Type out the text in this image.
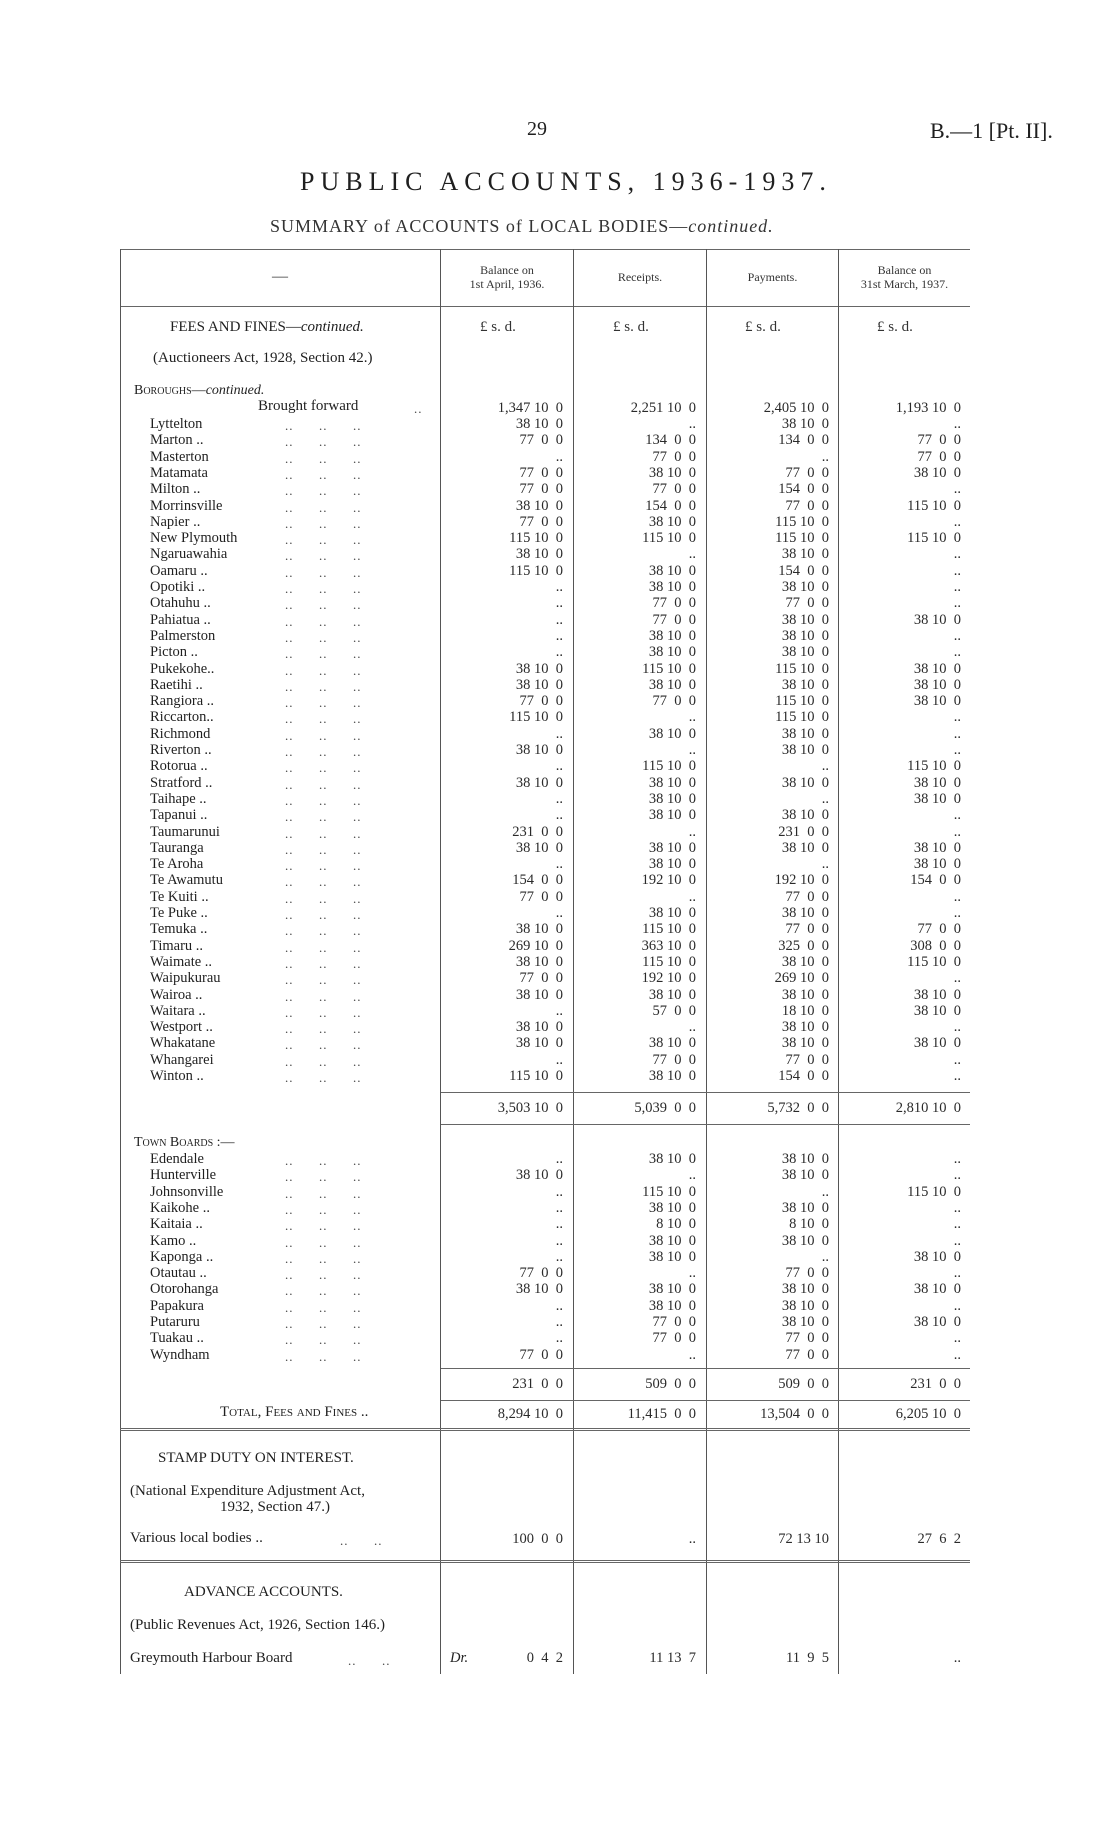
29	B.—1 [Pt. II].
PUBLIC ACCOUNTS, 1936-1937.
SUMMARY of ACCOUNTS of LOCAL BODIES—continued.
—	Balance on
1st April, 1936.	Receipts.	Payments.	Balance on
31st March, 1937.
£ s. d.	£ s. d.	£ s. d.	£ s. d.
FEES AND FINES—continued.
(Auctioneers Act, 1928, Section 42.)
Boroughs—continued.
Brought forward	..	1,347 10  0	2,251 10  0	2,405 10  0	1,193 10  0
Lyttelton	..      ..      ..	38 10  0	..	38 10  0	..
Marton ..	..      ..      ..	77  0  0	134  0  0	134  0  0	77  0  0
Masterton	..      ..      ..	..	77  0  0	..	77  0  0
Matamata	..      ..      ..	77  0  0	38 10  0	77  0  0	38 10  0
Milton ..	..      ..      ..	77  0  0	77  0  0	154  0  0	..
Morrinsville	..      ..      ..	38 10  0	154  0  0	77  0  0	115 10  0
Napier ..	..      ..      ..	77  0  0	38 10  0	115 10  0	..
New Plymouth	..      ..      ..	115 10  0	115 10  0	115 10  0	115 10  0
Ngaruawahia	..      ..      ..	38 10  0	..	38 10  0	..
Oamaru ..	..      ..      ..	115 10  0	38 10  0	154  0  0	..
Opotiki ..	..      ..      ..	..	38 10  0	38 10  0	..
Otahuhu ..	..      ..      ..	..	77  0  0	77  0  0	..
Pahiatua ..	..      ..      ..	..	77  0  0	38 10  0	38 10  0
Palmerston	..      ..      ..	..	38 10  0	38 10  0	..
Picton ..	..      ..      ..	..	38 10  0	38 10  0	..
Pukekohe..	..      ..      ..	38 10  0	115 10  0	115 10  0	38 10  0
Raetihi ..	..      ..      ..	38 10  0	38 10  0	38 10  0	38 10  0
Rangiora ..	..      ..      ..	77  0  0	77  0  0	115 10  0	38 10  0
Riccarton..	..      ..      ..	115 10  0	..	115 10  0	..
Richmond	..      ..      ..	..	38 10  0	38 10  0	..
Riverton ..	..      ..      ..	38 10  0	..	38 10  0	..
Rotorua ..	..      ..      ..	..	115 10  0	..	115 10  0
Stratford ..	..      ..      ..	38 10  0	38 10  0	38 10  0	38 10  0
Taihape ..	..      ..      ..	..	38 10  0	..	38 10  0
Tapanui ..	..      ..      ..	..	38 10  0	38 10  0	..
Taumarunui	..      ..      ..	231  0  0	..	231  0  0	..
Tauranga	..      ..      ..	38 10  0	38 10  0	38 10  0	38 10  0
Te Aroha	..      ..      ..	..	38 10  0	..	38 10  0
Te Awamutu	..      ..      ..	154  0  0	192 10  0	192 10  0	154  0  0
Te Kuiti ..	..      ..      ..	77  0  0	..	77  0  0	..
Te Puke ..	..      ..      ..	..	38 10  0	38 10  0	..
Temuka ..	..      ..      ..	38 10  0	115 10  0	77  0  0	77  0  0
Timaru ..	..      ..      ..	269 10  0	363 10  0	325  0  0	308  0  0
Waimate ..	..      ..      ..	38 10  0	115 10  0	38 10  0	115 10  0
Waipukurau	..      ..      ..	77  0  0	192 10  0	269 10  0	..
Wairoa ..	..      ..      ..	38 10  0	38 10  0	38 10  0	38 10  0
Waitara ..	..      ..      ..	..	57  0  0	18 10  0	38 10  0
Westport ..	..      ..      ..	38 10  0	..	38 10  0	..
Whakatane	..      ..      ..	38 10  0	38 10  0	38 10  0	38 10  0
Whangarei	..      ..      ..	..	77  0  0	77  0  0	..
Winton ..	..      ..      ..	115 10  0	38 10  0	154  0  0	..
3,503 10  0	5,039  0  0	5,732  0  0	2,810 10  0
Town Boards :—
Edendale	..      ..      ..	..	38 10  0	38 10  0	..
Hunterville	..      ..      ..	38 10  0	..	38 10  0	..
Johnsonville	..      ..      ..	..	115 10  0	..	115 10  0
Kaikohe ..	..      ..      ..	..	38 10  0	38 10  0	..
Kaitaia ..	..      ..      ..	..	8 10  0	8 10  0	..
Kamo ..	..      ..      ..	..	38 10  0	38 10  0	..
Kaponga ..	..      ..      ..	..	38 10  0	..	38 10  0
Otautau ..	..      ..      ..	77  0  0	..	77  0  0	..
Otorohanga	..      ..      ..	38 10  0	38 10  0	38 10  0	38 10  0
Papakura	..      ..      ..	..	38 10  0	38 10  0	..
Putaruru	..      ..      ..	..	77  0  0	38 10  0	38 10  0
Tuakau ..	..      ..      ..	..	77  0  0	77  0  0	..
Wyndham	..      ..      ..	77  0  0	..	77  0  0	..
231  0  0	509  0  0	509  0  0	231  0  0
Total, Fees and Fines ..	8,294 10  0	11,415  0  0	13,504  0  0	6,205 10  0
STAMP DUTY ON INTEREST.
(National Expenditure Adjustment Act,
1932, Section 47.)
Various local bodies ..	..      ..	100  0  0	..	72 13 10	27  6  2
ADVANCE ACCOUNTS.
(Public Revenues Act, 1926, Section 146.)
Greymouth Harbour Board	..      ..	Dr.	0  4  2	11 13  7	11  9  5	..
